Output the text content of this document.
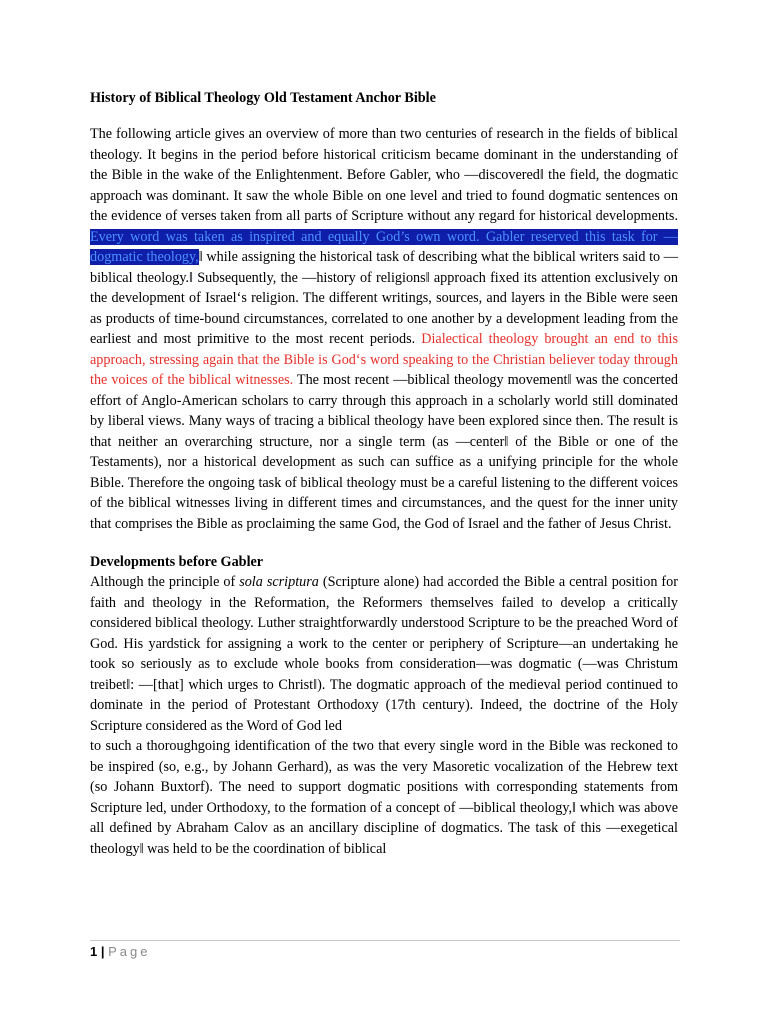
History of Biblical Theology Old Testament Anchor Bible

The following article gives an overview of more than two centuries of research in the fields of biblical theology. It begins in the period before historical criticism became dominant in the understanding of the Bible in the wake of the Enlightenment. Before Gabler, who —discovered‖ the field, the dogmatic approach was dominant. It saw the whole Bible on one level and tried to found dogmatic sentences on the evidence of verses taken from all parts of Scripture without any regard for historical developments. Every word was taken as inspired and equally God’s own word. Gabler reserved this task for —dogmatic theology,‖ while assigning the historical task of describing what the biblical writers said to —biblical theology.‖ Subsequently, the —history of religions‖ approach fixed its attention exclusively on the development of Israel‘s religion. The different writings, sources, and layers in the Bible were seen as products of time-bound circumstances, correlated to one another by a development leading from the earliest and most primitive to the most recent periods. Dialectical theology brought an end to this approach, stressing again that the Bible is God‘s word speaking to the Christian believer today through the voices of the biblical witnesses. The most recent —biblical theology movement‖ was the concerted effort of Anglo-American scholars to carry through this approach in a scholarly world still dominated by liberal views. Many ways of tracing a biblical theology have been explored since then. The result is that neither an overarching structure, nor a single term (as —center‖ of the Bible or one of the Testaments), nor a historical development as such can suffice as a unifying principle for the whole Bible. Therefore the ongoing task of biblical theology must be a careful listening to the different voices of the biblical witnesses living in different times and circumstances, and the quest for the inner unity that comprises the Bible as proclaiming the same God, the God of Israel and the father of Jesus Christ.

Developments before Gabler

Although the principle of sola scriptura (Scripture alone) had accorded the Bible a central position for faith and theology in the Reformation, the Reformers themselves failed to develop a critically considered biblical theology. Luther straightforwardly understood Scripture to be the preached Word of God. His yardstick for assigning a work to the center or periphery of Scripture—an undertaking he took so seriously as to exclude whole books from consideration—was dogmatic (—was Christum treibet‖: —[that] which urges to Christ‖). The dogmatic approach of the medieval period continued to dominate in the period of Protestant Orthodoxy (17th century). Indeed, the doctrine of the Holy Scripture considered as the Word of God led

to such a thoroughgoing identification of the two that every single word in the Bible was reckoned to be inspired (so, e.g., by Johann Gerhard), as was the very Masoretic vocalization of the Hebrew text (so Johann Buxtorf). The need to support dogmatic positions with corresponding statements from Scripture led, under Orthodoxy, to the formation of a concept of —biblical theology,‖ which was above all defined by Abraham Calov as an ancillary discipline of dogmatics. The task of this —exegetical theology‖ was held to be the coordination of biblical

1 | Page
